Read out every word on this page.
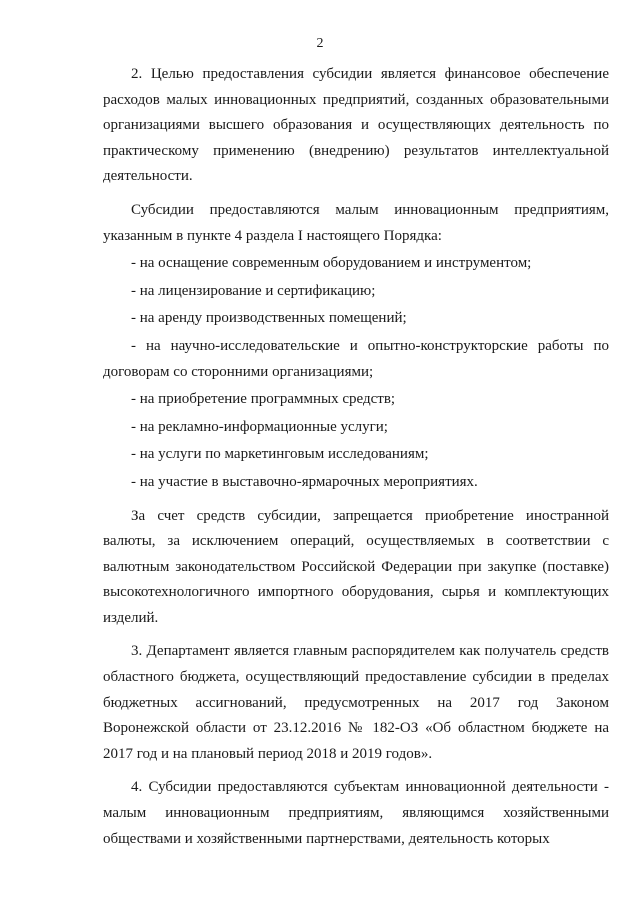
2

2. Целью предоставления субсидии является финансовое обеспечение расходов малых инновационных предприятий, созданных образовательными организациями высшего образования и осуществляющих деятельность по практическому применению (внедрению) результатов интеллектуальной деятельности.

Субсидии предоставляются малым инновационным предприятиям, указанным в пункте 4 раздела I настоящего Порядка:

- на оснащение современным оборудованием и инструментом;

- на лицензирование и сертификацию;

- на аренду производственных помещений;

- на научно-исследовательские и опытно-конструкторские работы по договорам со сторонними организациями;

- на приобретение программных средств;

- на рекламно-информационные услуги;

- на услуги по маркетинговым исследованиям;

- на участие в выставочно-ярмарочных мероприятиях.

За счет средств субсидии, запрещается приобретение иностранной валюты, за исключением операций, осуществляемых в соответствии с валютным законодательством Российской Федерации при закупке (поставке) высокотехнологичного импортного оборудования, сырья и комплектующих изделий.

3. Департамент является главным распорядителем как получатель средств областного бюджета, осуществляющий предоставление субсидии в пределах бюджетных ассигнований, предусмотренных на 2017 год Законом Воронежской области от 23.12.2016 № 182-ОЗ «Об областном бюджете на 2017 год и на плановый период 2018 и 2019 годов».

4. Субсидии предоставляются субъектам инновационной деятельности - малым инновационным предприятиям, являющимся хозяйственными обществами и хозяйственными партнерствами, деятельность которых
